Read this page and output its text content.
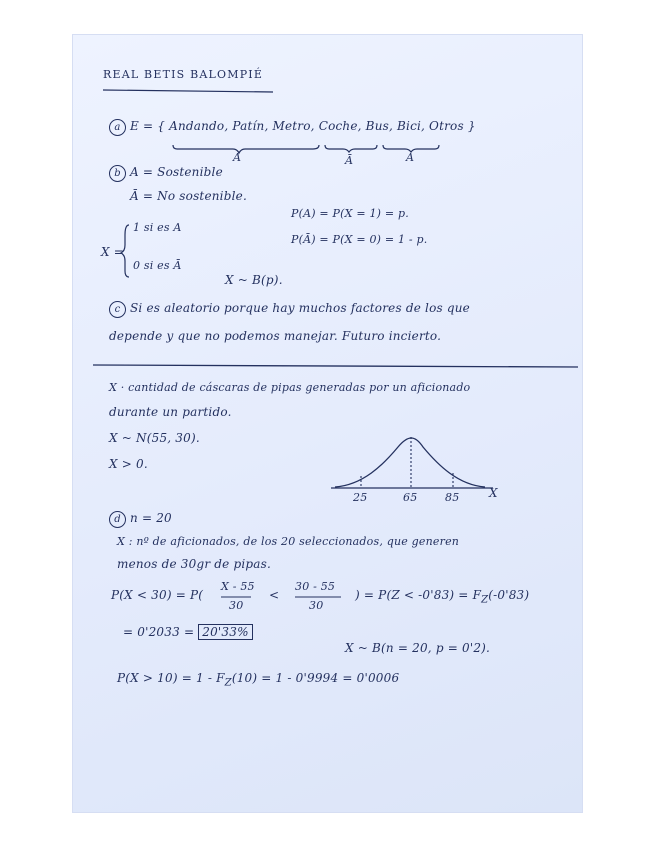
REAL BETIS BALOMPIÉ
a E = { Andando, Patín, Metro, Coche, Bus, Bici, Otros }
A	Ā	A
b A = Sostenible
Ā = No sostenible.
X =
1 si es A
0 si es Ā
P(A) = P(X = 1) = p.
P(Ā) = P(X = 0) = 1 - p.
X ~ B(p).
c Si es aleatorio porque hay muchos factores de los que
depende y que no podemos manejar. Futuro incierto.
X · cantidad de cáscaras de pipas generadas por un aficionado
durante un partido.
X ~ N(55, 30).
X > 0.
25	65	85 X
d n = 20
X : nº de aficionados, de los 20 seleccionados, que generen
menos de 30gr de pipas.
P(X < 30) = P(
X - 55
30
<
30 - 55
30
) = $P(Z < -0'83) = F_Z(-0'83)$
= 0'2033 = 20'33%
X ~ B(n = 20, p = 0'2).
$P(X > 10) = 1 - F_Z(10) = 1 - 0'9994 = 0'0006$
